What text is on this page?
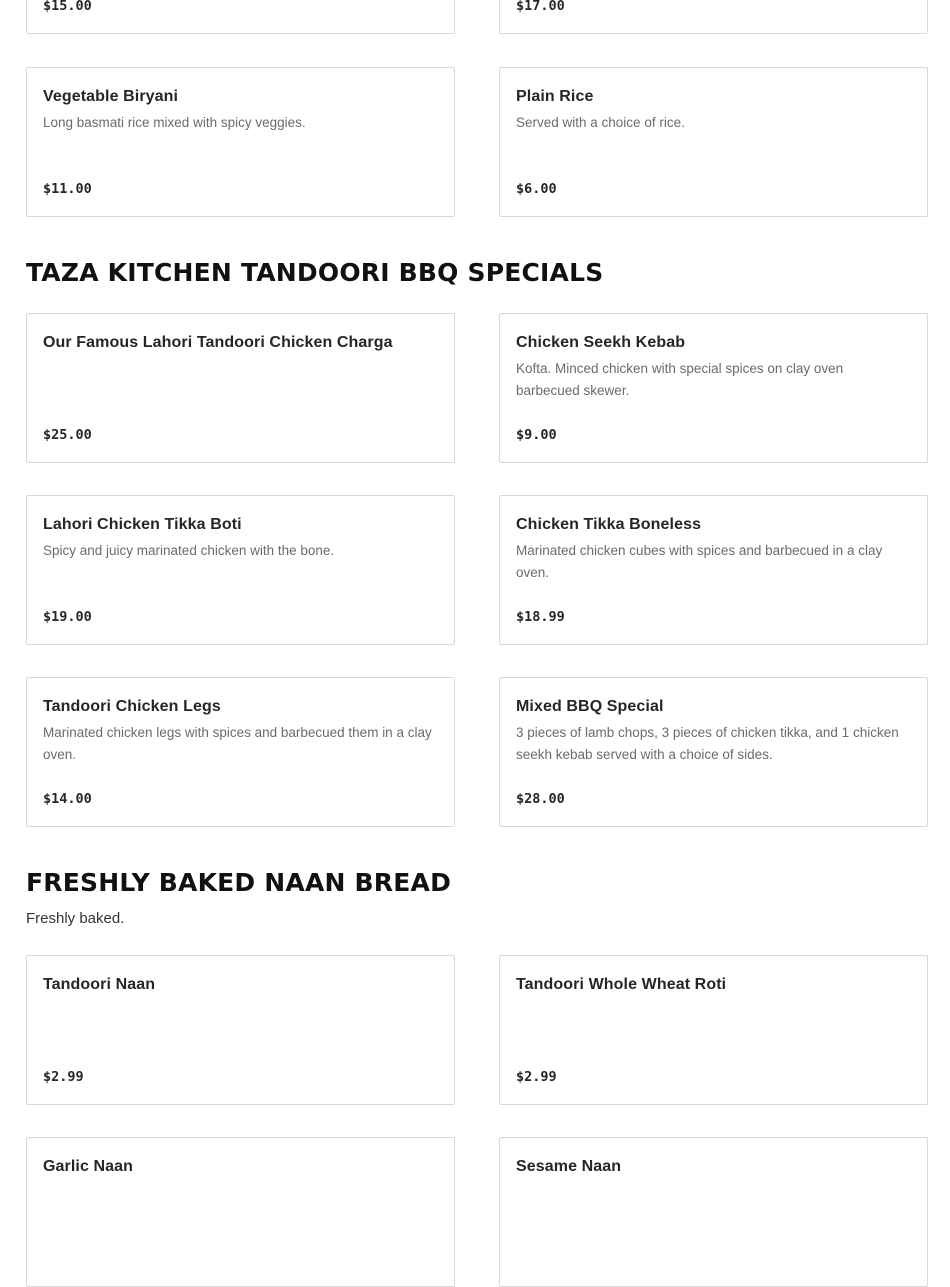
$15.00	$17.00
Vegetable Biryani
Long basmati rice mixed with spicy veggies.
$11.00
Plain Rice
Served with a choice of rice.
$6.00
TAZA KITCHEN TANDOORI BBQ SPECIALS
Our Famous Lahori Tandoori Chicken Charga
$25.00
Chicken Seekh Kebab
Kofta. Minced chicken with special spices on clay oven barbecued skewer.
$9.00
Lahori Chicken Tikka Boti
Spicy and juicy marinated chicken with the bone.
$19.00
Chicken Tikka Boneless
Marinated chicken cubes with spices and barbecued in a clay oven.
$18.99
Tandoori Chicken Legs
Marinated chicken legs with spices and barbecued them in a clay oven.
$14.00
Mixed BBQ Special
3 pieces of lamb chops, 3 pieces of chicken tikka, and 1 chicken seekh kebab served with a choice of sides.
$28.00
FRESHLY BAKED NAAN BREAD

Freshly baked.

Tandoori Naan
$2.99
Tandoori Whole Wheat Roti
$2.99
Garlic Naan	Sesame Naan
